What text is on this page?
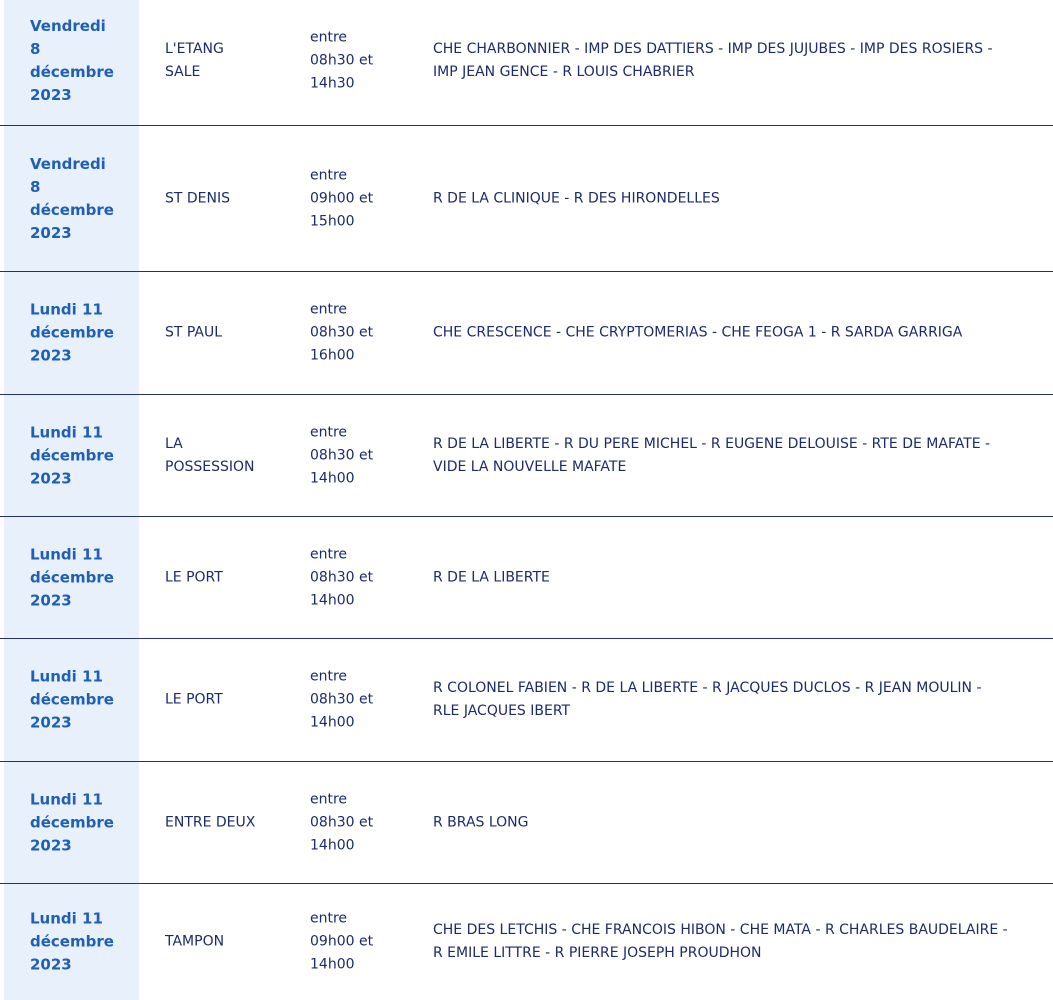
Vendredi
8
décembre
2023
L'ETANG
SALE
entre
08h30 et
14h30
CHE CHARBONNIER - IMP DES DATTIERS - IMP DES JUJUBES - IMP DES ROSIERS -
IMP JEAN GENCE - R LOUIS CHABRIER
Vendredi
8
décembre
2023
ST DENIS
entre
09h00 et
15h00
R DE LA CLINIQUE - R DES HIRONDELLES
Lundi 11
décembre
2023
ST PAUL
entre
08h30 et
16h00
CHE CRESCENCE - CHE CRYPTOMERIAS - CHE FEOGA 1 - R SARDA GARRIGA
Lundi 11
décembre
2023
LA
POSSESSION
entre
08h30 et
14h00
R DE LA LIBERTE - R DU PERE MICHEL - R EUGENE DELOUISE - RTE DE MAFATE -
VIDE LA NOUVELLE MAFATE
Lundi 11
décembre
2023
LE PORT
entre
08h30 et
14h00
R DE LA LIBERTE
Lundi 11
décembre
2023
LE PORT
entre
08h30 et
14h00
R COLONEL FABIEN - R DE LA LIBERTE - R JACQUES DUCLOS - R JEAN MOULIN -
RLE JACQUES IBERT
Lundi 11
décembre
2023
ENTRE DEUX
entre
08h30 et
14h00
R BRAS LONG
Lundi 11
décembre
2023
TAMPON
entre
09h00 et
14h00
CHE DES LETCHIS - CHE FRANCOIS HIBON - CHE MATA - R CHARLES BAUDELAIRE -
R EMILE LITTRE - R PIERRE JOSEPH PROUDHON
